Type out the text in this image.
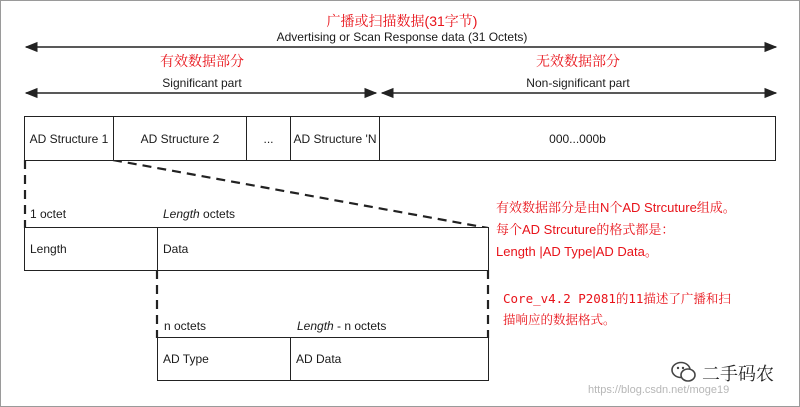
广播或扫描数据(31字节)
Advertising or Scan Response data (31 Octets)
有效数据部分
Significant part
无效数据部分
Non-significant part
AD Structure 1	AD Structure 2	...	AD Structure 'N	000...000b
1 octet	Length octets
Length	Data
n octets	Length - n octets
AD Type	AD Data
有效数据部分是由N个AD Strcuture组成。
每个AD Strcuture的格式都是：
Length |AD Type|AD Data。
Core_v4.2 P2081的11描述了广播和扫
描响应的数据格式。
二手码农
https://blog.csdn.net/moge19
